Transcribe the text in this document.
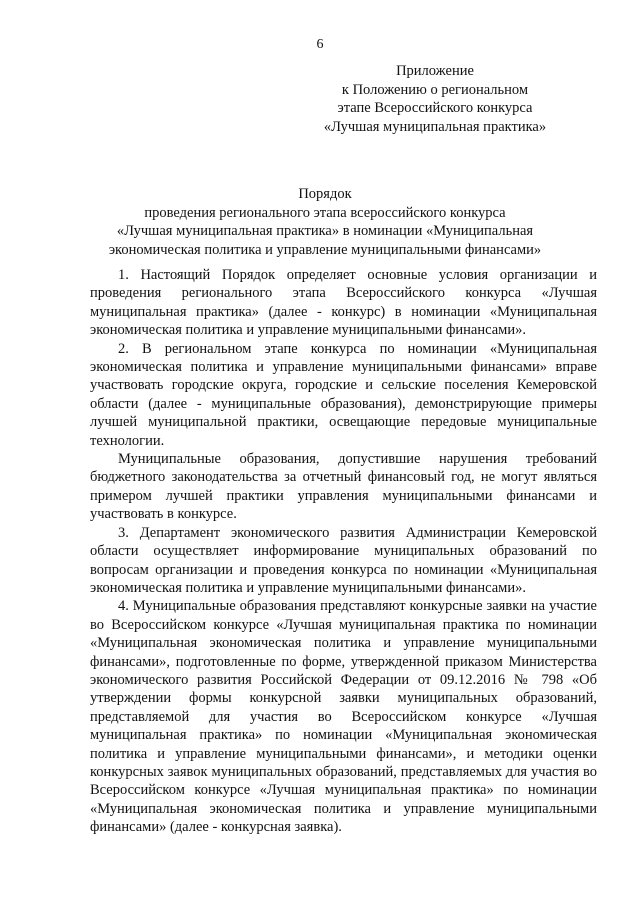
6
Приложение
к Положению о региональном
этапе Всероссийского конкурса
«Лучшая муниципальная практика»
Порядок
проведения регионального этапа всероссийского конкурса
«Лучшая муниципальная практика» в номинации «Муниципальная
экономическая политика и управление муниципальными финансами»

1. Настоящий Порядок определяет основные условия организации и проведения регионального этапа Всероссийского конкурса «Лучшая муниципальная практика» (далее - конкурс) в номинации «Муниципальная экономическая политика и управление муниципальными финансами».

2. В региональном этапе конкурса по номинации «Муниципальная экономическая политика и управление муниципальными финансами» вправе участвовать городские округа, городские и сельские поселения Кемеровской области (далее - муниципальные образования), демонстрирующие примеры лучшей муниципальной практики, освещающие передовые муниципальные технологии.

Муниципальные образования, допустившие нарушения требований бюджетного законодательства за отчетный финансовый год, не могут являться примером лучшей практики управления муниципальными финансами и участвовать в конкурсе.

3. Департамент экономического развития Администрации Кемеровской области осуществляет информирование муниципальных образований по вопросам организации и проведения конкурса по номинации «Муниципальная экономическая политика и управление муниципальными финансами».

4. Муниципальные образования представляют конкурсные заявки на участие во Всероссийском конкурсе «Лучшая муниципальная практика по номинации «Муниципальная экономическая политика и управление муниципальными финансами», подготовленные по форме, утвержденной приказом Министерства экономического развития Российской Федерации от 09.12.2016 № 798 «Об утверждении формы конкурсной заявки муниципальных образований, представляемой для участия во Всероссийском конкурсе «Лучшая муниципальная практика» по номинации «Муниципальная экономическая политика и управление муниципальными финансами», и методики оценки конкурсных заявок муниципальных образований, представляемых для участия во Всероссийском конкурсе «Лучшая муниципальная практика» по номинации «Муниципальная экономическая политика и управление муниципальными финансами» (далее - конкурсная заявка).
